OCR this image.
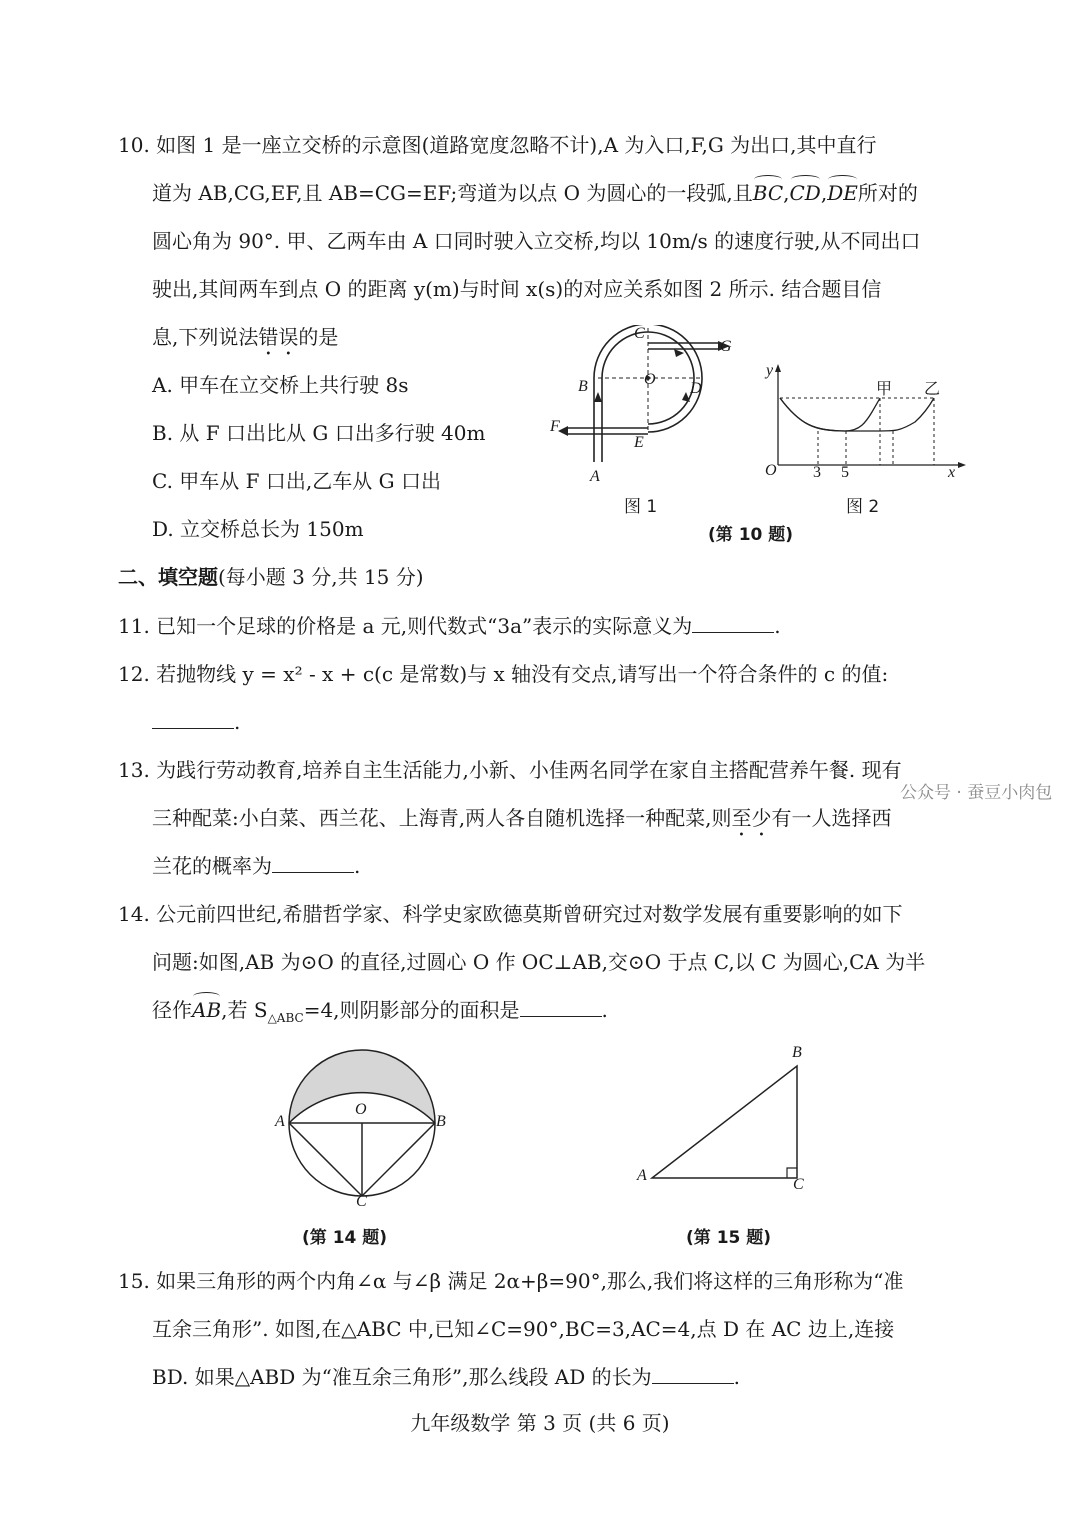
10. 如图 1 是一座立交桥的示意图(道路宽度忽略不计),A 为入口,F,G 为出口,其中直行
道为 AB,CG,EF,且 AB=CG=EF;弯道为以点 O 为圆心的一段弧,且BC,CD,DE所对的
圆心角为 90°. 甲、乙两车由 A 口同时驶入立交桥,均以 10m/s 的速度行驶,从不同出口
驶出,其间两车到点 O 的距离 y(m)与时间 x(s)的对应关系如图 2 所示. 结合题目信
息,下列说法错误的是
A. 甲车在立交桥上共行驶 8s
B. 从 F 口出比从 G 口出多行驶 40m
C. 甲车从 F 口出,乙车从 G 口出
D. 立交桥总长为 150m
C
G
B	O
D
F
E
A
图 1
y
x
O 3 5
甲 乙
图 2
(第 10 题)
二、填空题(每小题 3 分,共 15 分)
11. 已知一个足球的价格是 a 元,则代数式“3a”表示的实际意义为	.
12. 若抛物线 y = x² - x + c(c 是常数)与 x 轴没有交点,请写出一个符合条件的 c 的值:
.
13. 为践行劳动教育,培养自主生活能力,小新、小佳两名同学在家自主搭配营养午餐. 现有
公众号 · 蚕豆小肉包
三种配菜:小白菜、西兰花、上海青,两人各自随机选择一种配菜,则至少有一人选择西
兰花的概率为	.
14. 公元前四世纪,希腊哲学家、科学史家欧德莫斯曾研究过对数学发展有重要影响的如下
问题:如图,AB 为⊙O 的直径,过圆心 O 作 OC⊥AB,交⊙O 于点 C,以 C 为圆心,CA 为半
径作AB,若 $S_{\triangle ABC}=4$,则阴影部分的面积是	.
A	B
O
C
(第 14 题)
B
A
C
(第 15 题)
15. 如果三角形的两个内角∠α 与∠β 满足 2α+β=90°,那么,我们将这样的三角形称为“准
互余三角形”. 如图,在△ABC 中,已知∠C=90°,BC=3,AC=4,点 D 在 AC 边上,连接
BD. 如果△ABD 为“准互余三角形”,那么线段 AD 的长为	.
九年级数学 第 3 页 (共 6 页)
